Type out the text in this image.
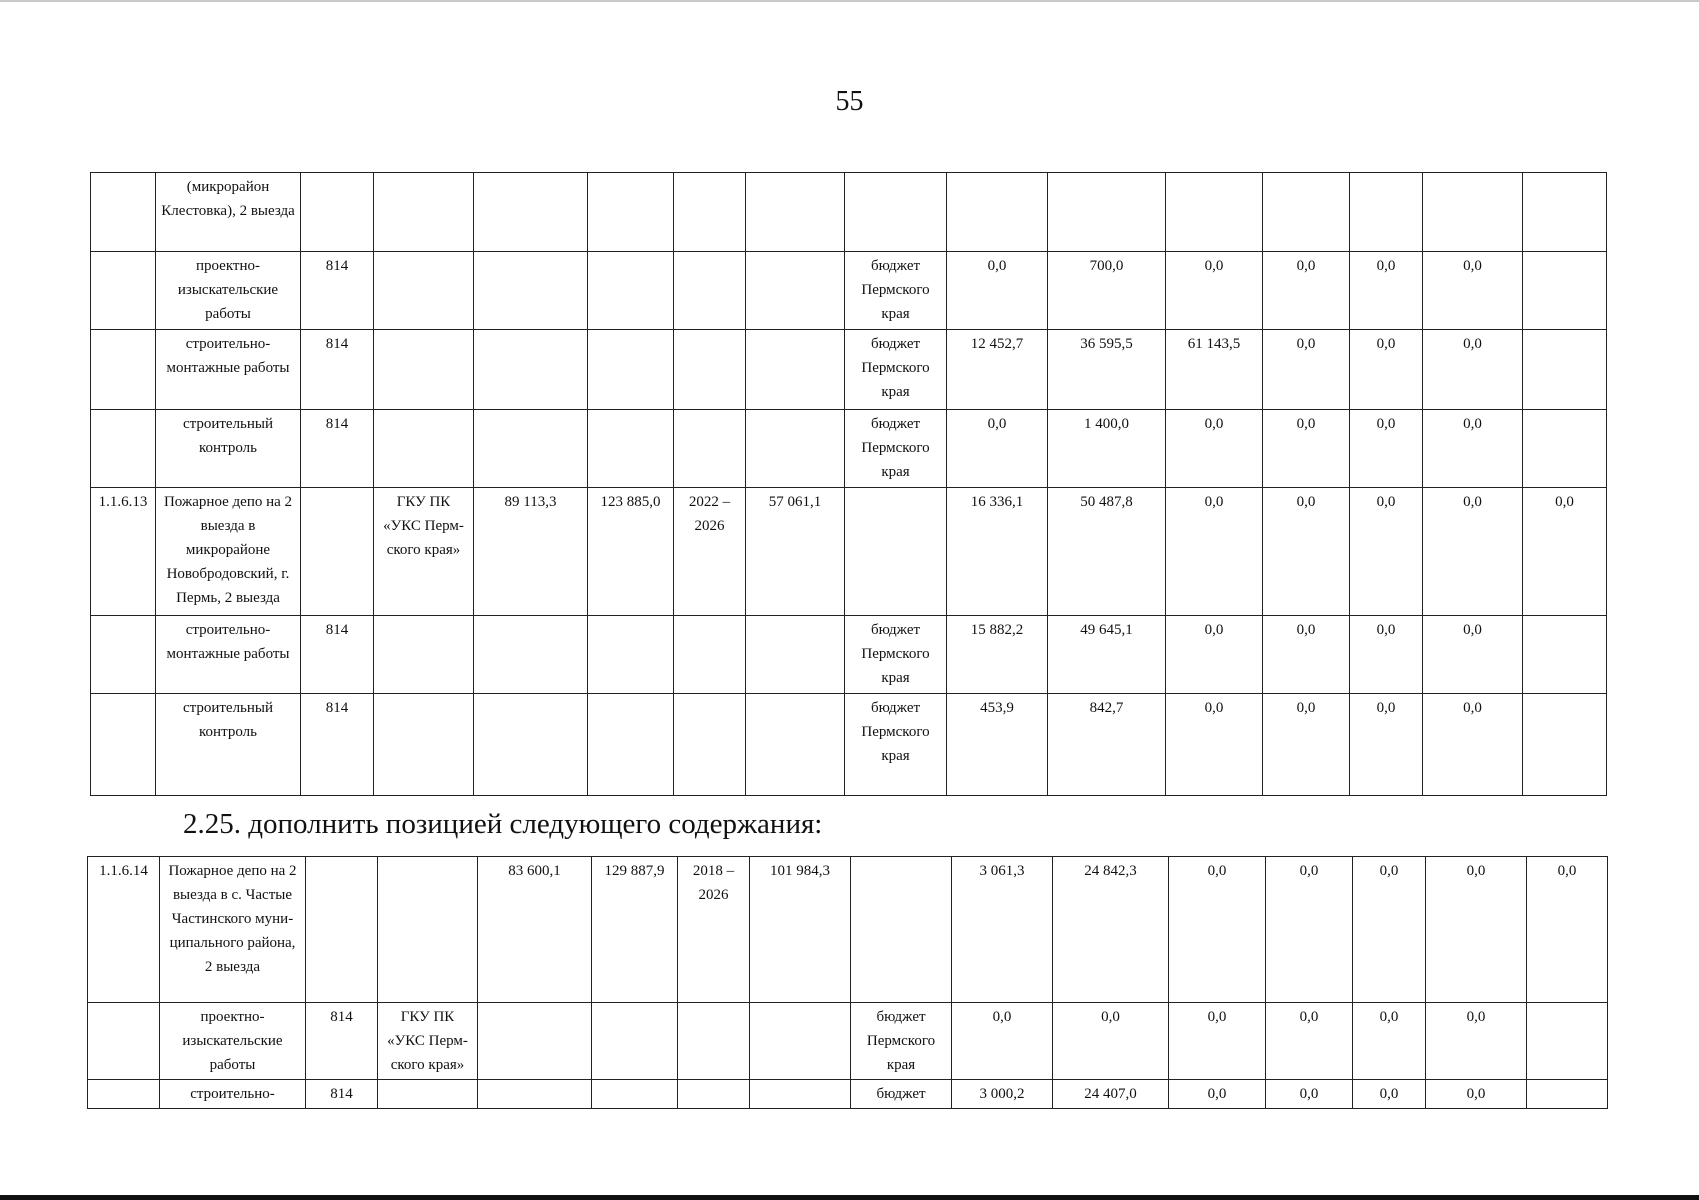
55
	(микрорайон Клестовка), 2 выезда														
	проектно-изыскательские работы	814						бюджет Пермского края	0,0	700,0	0,0	0,0	0,0	0,0	
	строительно-монтажные работы	814						бюджет Пермского края	12 452,7	36 595,5	61 143,5	0,0	0,0	0,0	
	строительный контроль	814						бюджет Пермского края	0,0	1 400,0	0,0	0,0	0,0	0,0	
1.1.6.13	Пожарное депо на 2 выезда в микрорайоне Новобродовский, г. Пермь, 2 выезда		ГКУ ПК «УКС Перм-ского края»	89 113,3	123 885,0	2022 – 2026	57 061,1		16 336,1	50 487,8	0,0	0,0	0,0	0,0	0,0
	строительно-монтажные работы	814						бюджет Пермского края	15 882,2	49 645,1	0,0	0,0	0,0	0,0	
	строительный контроль	814						бюджет Пермского края	453,9	842,7	0,0	0,0	0,0	0,0	
2.25. дополнить позицией следующего содержания:
1.1.6.14	Пожарное депо на 2 выезда в с. Частые Частинского муни-ципального района, 2 выезда			83 600,1	129 887,9	2018 – 2026	101 984,3		3 061,3	24 842,3	0,0	0,0	0,0	0,0	0,0
	проектно-изыскательские работы	814	ГКУ ПК «УКС Перм-ского края»					бюджет Пермского края	0,0	0,0	0,0	0,0	0,0	0,0	
	строительно-	814						бюджет	3 000,2	24 407,0	0,0	0,0	0,0	0,0	
